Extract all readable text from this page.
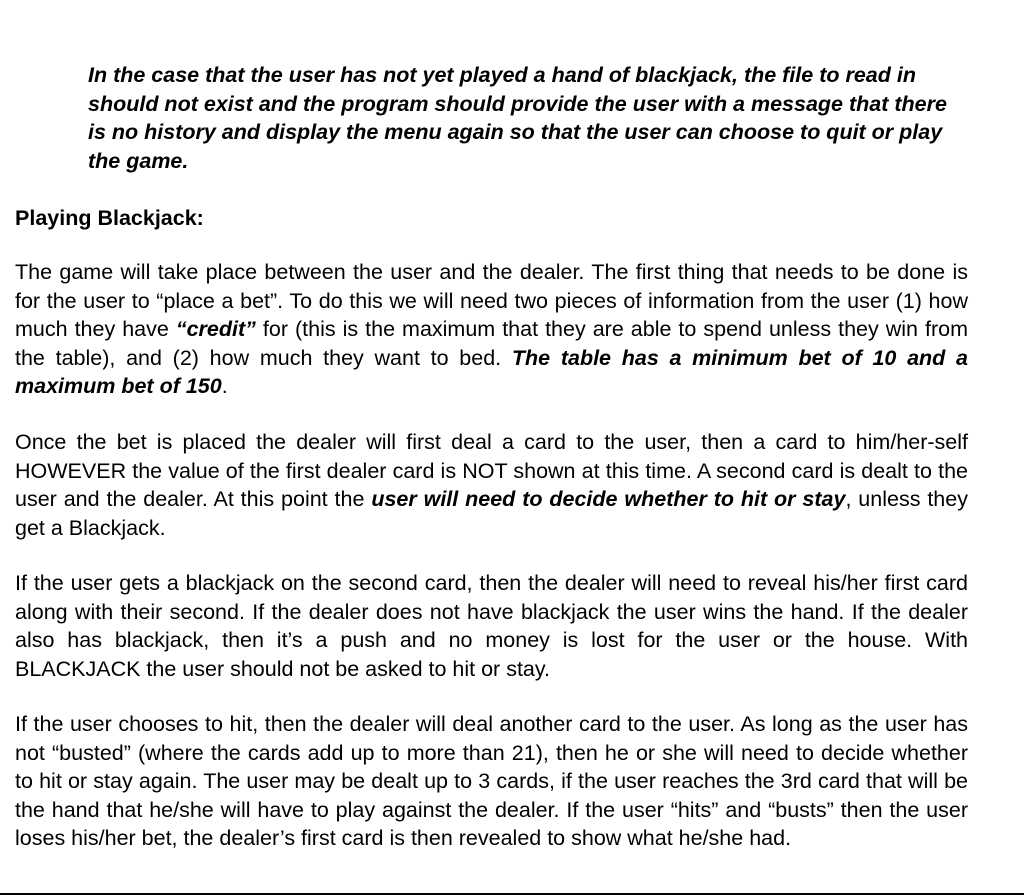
In the case that the user has not yet played a hand of blackjack, the file to read in should not exist and the program should provide the user with a message that there is no history and display the menu again so that the user can choose to quit or play the game.

Playing Blackjack:

The game will take place between the user and the dealer. The first thing that needs to be done is for the user to “place a bet”. To do this we will need two pieces of information from the user (1) how much they have “credit” for (this is the maximum that they are able to spend unless they win from the table), and (2) how much they want to bed. The table has a minimum bet of 10 and a maximum bet of 150.

Once the bet is placed the dealer will first deal a card to the user, then a card to him/her-self HOWEVER the value of the first dealer card is NOT shown at this time. A second card is dealt to the user and the dealer. At this point the user will need to decide whether to hit or stay, unless they get a Blackjack.

If the user gets a blackjack on the second card, then the dealer will need to reveal his/her first card along with their second. If the dealer does not have blackjack the user wins the hand. If the dealer also has blackjack, then it’s a push and no money is lost for the user or the house. With BLACKJACK the user should not be asked to hit or stay.

If the user chooses to hit, then the dealer will deal another card to the user. As long as the user has not “busted” (where the cards add up to more than 21), then he or she will need to decide whether to hit or stay again. The user may be dealt up to 3 cards, if the user reaches the 3rd card that will be the hand that he/she will have to play against the dealer. If the user “hits” and “busts” then the user loses his/her bet, the dealer’s first card is then revealed to show what he/she had.
